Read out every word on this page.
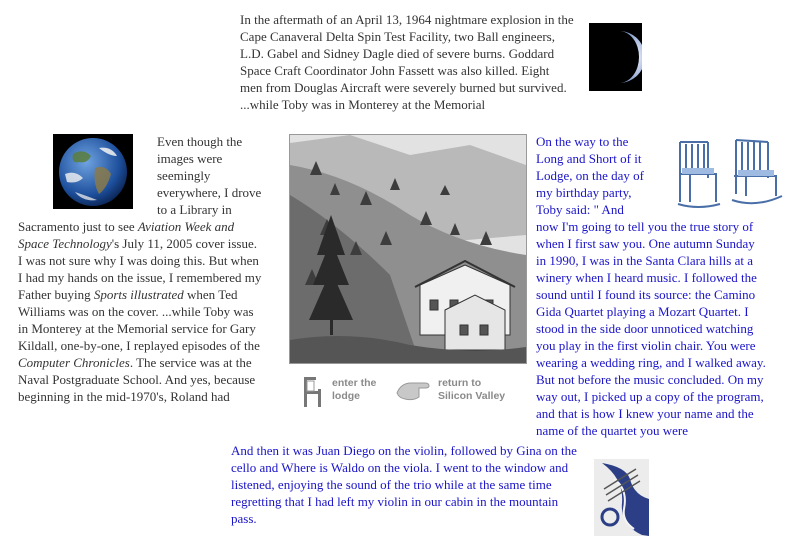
In the aftermath of an April 13, 1964 nightmare explosion in the Cape Canaveral Delta Spin Test Facility, two Ball engineers, L.D. Gabel and Sidney Dagle died of severe burns. Goddard Space Craft Coordinator John Fassett was also killed. Eight men from Douglas Aircraft were severely burned but survived. ...while Toby was in Monterey at the Memorial
Even though the images were seemingly everywhere, I drove to a Library in Sacramento just to see Aviation Week and Space Technology's July 11, 2005 cover issue. I was not sure why I was doing this. But when I had my hands on the issue, I remembered my Father buying Sports illustrated when Ted Williams was on the cover. ...while Toby was in Monterey at the Memorial service for Gary Kildall, one-by-one, I replayed episodes of the Computer Chronicles. The service was at the Naval Postgraduate School. And yes, because beginning in the mid-1970's, Roland had
enter the
lodge
return to
Silicon Valley
On the way to the Long and Short of it Lodge, on the day of my birthday party, Toby said: " And now I'm going to tell you the true story of when I first saw you. One autumn Sunday in 1990, I was in the Santa Clara hills at a winery when I heard music. I followed the sound until I found its source: the Camino Gida Quartet playing a Mozart Quartet. I stood in the side door unnoticed watching you play in the first violin chair. You were wearing a wedding ring, and I walked away. But not before the music concluded. On my way out, I picked up a copy of the program, and that is how I knew your name and the name of the quartet you were
And then it was Juan Diego on the violin, followed by Gina on the cello and Where is Waldo on the viola. I went to the window and listened, enjoying the sound of the trio while at the same time regretting that I had left my violin in our cabin in the mountain pass.
